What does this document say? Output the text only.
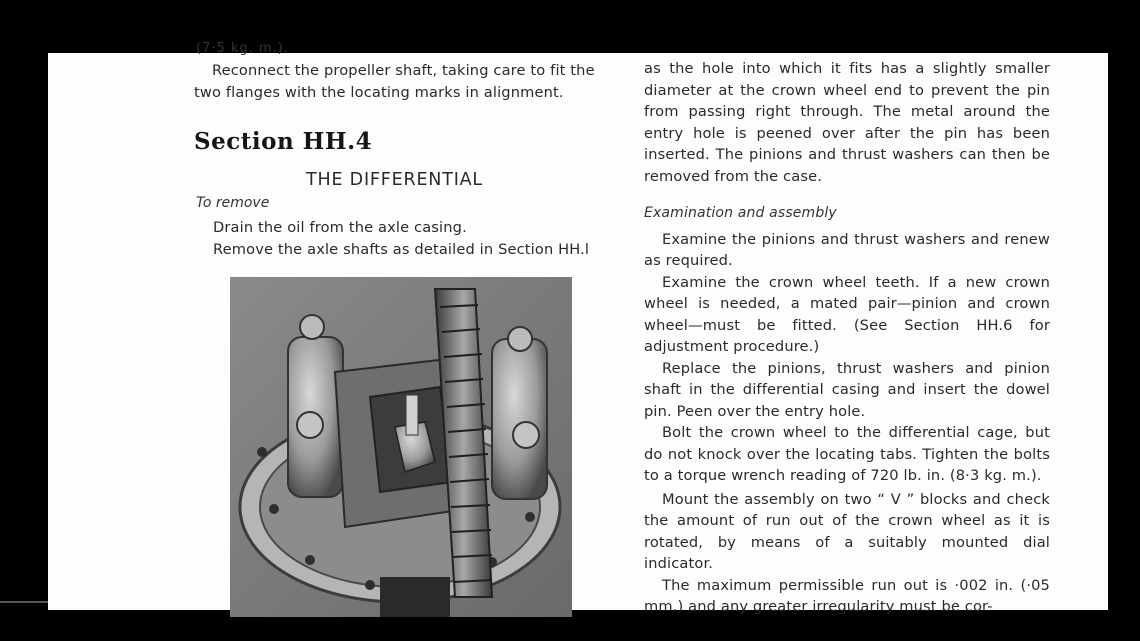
(7·5 kg. m.).

Reconnect the propeller shaft, taking care to fit the two flanges with the locating marks in alignment.

Section HH.4
THE DIFFERENTIAL
To remove
Drain the oil from the axle casing.
Remove the axle shafts as detailed in Section HH.l

as the hole into which it fits has a slightly smaller diameter at the crown wheel end to prevent the pin from passing right through. The metal around the entry hole is peened over after the pin has been inserted. The pinions and thrust washers can then be removed from the case.

Examination and assembly

Examine the pinions and thrust washers and renew as required.

Examine the crown wheel teeth. If a new crown wheel is needed, a mated pair—pinion and crown wheel—must be fitted. (See Section HH.6 for adjustment procedure.)

Replace the pinions, thrust washers and pinion shaft in the differential casing and insert the dowel pin. Peen over the entry hole.

Bolt the crown wheel to the differential cage, but do not knock over the locating tabs. Tighten the bolts to a torque wrench reading of 720 lb. in. (8·3 kg. m.).

Mount the assembly on two “ V ” blocks and check the amount of run out of the crown wheel as it is rotated, by means of a suitably mounted dial indicator.

The maximum permissible run out is ·002 in. (·05 mm.) and any greater irregularity must be cor-
